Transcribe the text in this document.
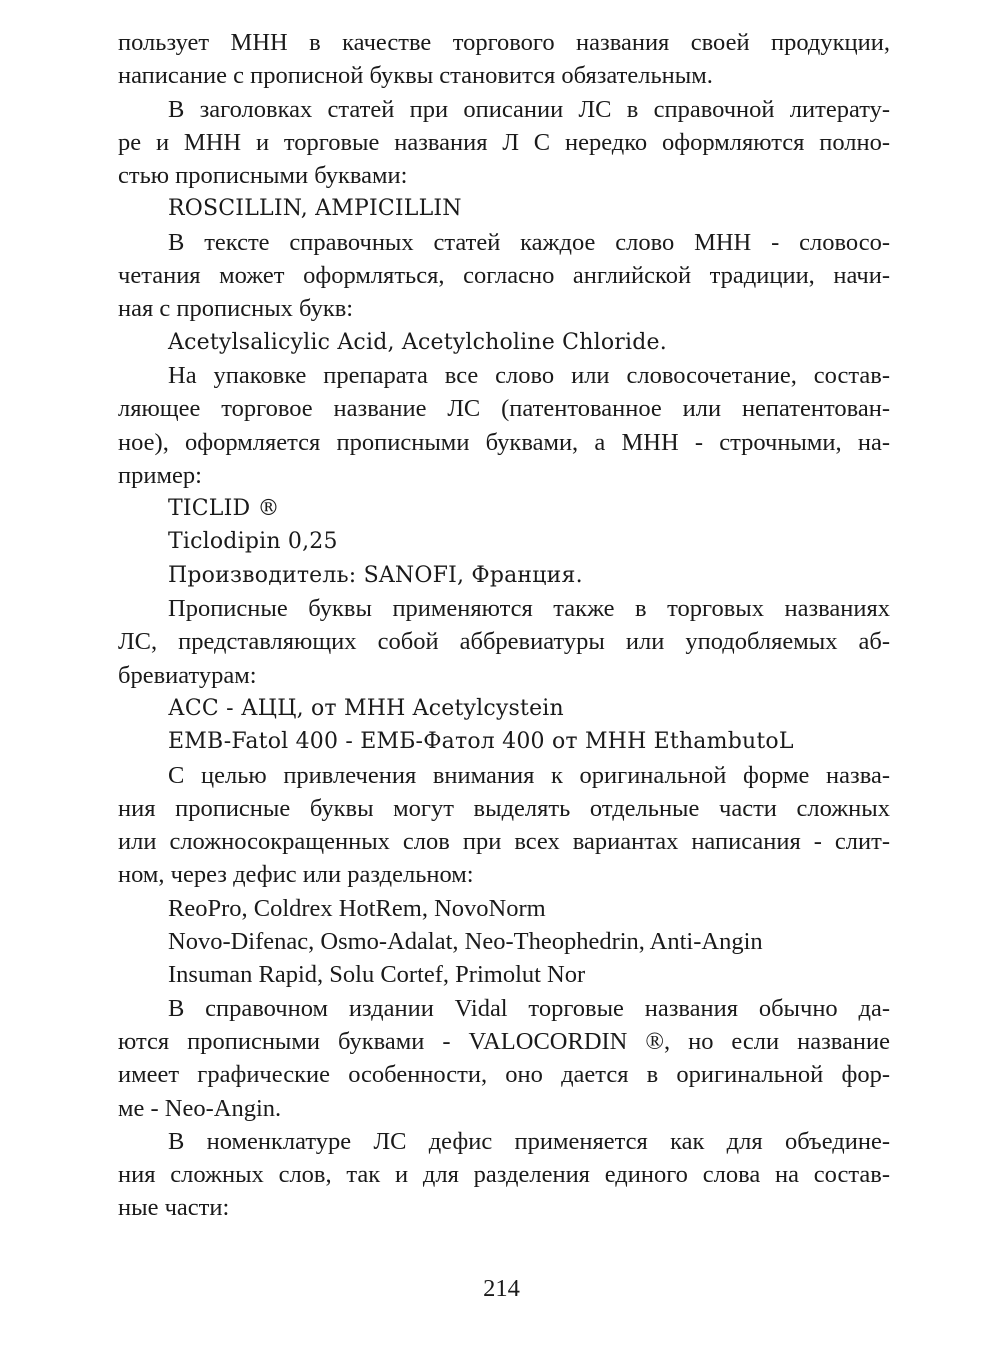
пользует МНН в качестве торгового названия своей продукции,
написание с прописной буквы становится обязательным.
В заголовках статей при описании ЛС в справочной литерату-
ре и МНН и торговые названия Л С нередко оформляются полно-
стью прописными буквами:
ROSCILLIN, AMPICILLIN
В тексте справочных статей каждое слово МНН - словосо-
четания может оформляться, согласно английской традиции, начи-
ная с прописных букв:
Acetylsalicylic Acid, Acetylcholine Chloride.
На упаковке препарата все слово или словосочетание, состав-
ляющее торговое название ЛС (патентованное или непатентован-
ное), оформляется прописными буквами, а МНН - строчными, на-
пример:
TICLID ®
Ticlodipin 0,25
Производитель: SANOFI, Франция.
Прописные буквы применяются также в торговых названиях
ЛС, представляющих собой аббревиатуры или уподобляемых аб-
бревиатурам:
АСС - АЦЦ, от МНН Acetylcystein
EMB-Fatol 400 - ЕМБ-Фатол 400 от МНН EthambutoL
С целью привлечения внимания к оригинальной форме назва-
ния прописные буквы могут выделять отдельные части сложных
или сложносокращенных слов при всех вариантах написания - слит-
ном, через дефис или раздельном:
ReoPro, Coldrex HotRem, NovoNorm
Novo-Difenac, Osmo-Adalat, Neo-Theophedrin, Anti-Angin
Insuman Rapid, Solu Cortef, Primolut Nor
В справочном издании Vidal торговые названия обычно да-
ются прописными буквами - VALOCORDIN ®, но если название
имеет графические особенности, оно дается в оригинальной фор-
ме - Neo-Angin.
В номенклатуре ЛС дефис применяется как для объедине-
ния сложных слов, так и для разделения единого слова на состав-
ные части:
214
